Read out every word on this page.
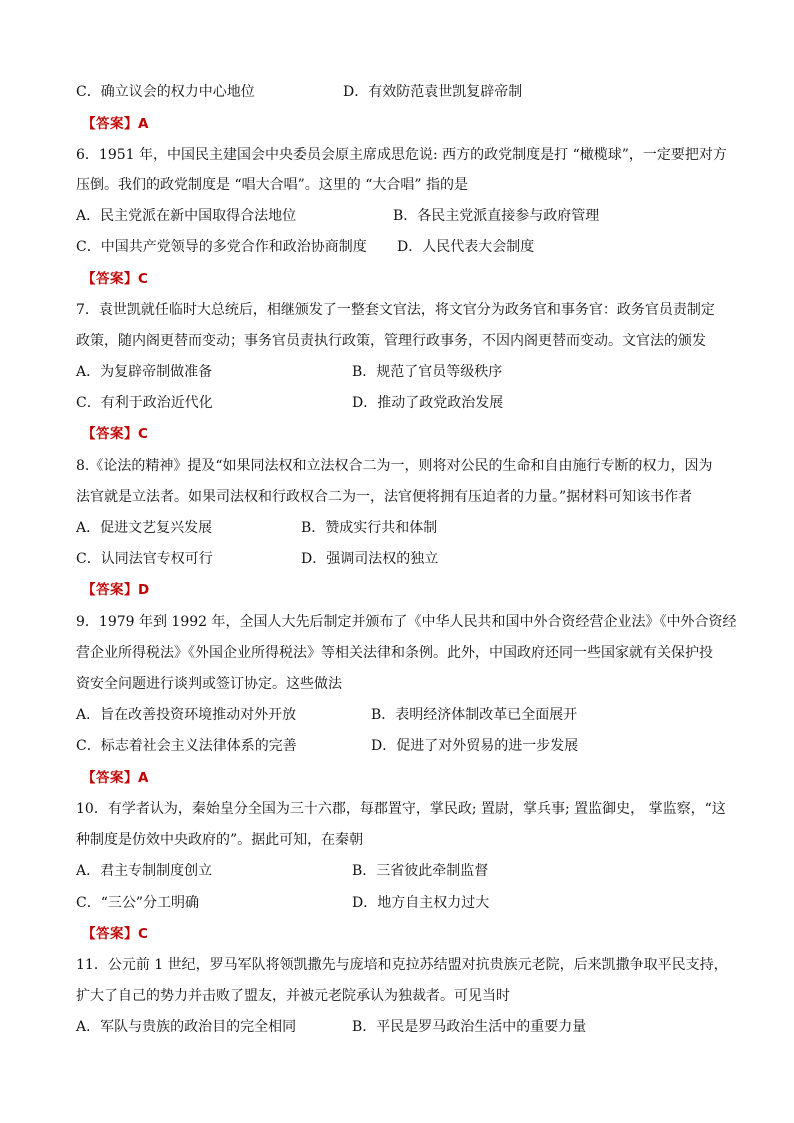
C．确立议会的权力中心地位	D．有效防范袁世凯复辟帝制
【答案】A
6．1951 年，中国民主建国会中央委员会原主席成思危说: 西方的政党制度是打 “橄榄球”，一定要把对方
压倒。我们的政党制度是 “唱大合唱”。这里的 “大合唱” 指的是
A．民主党派在新中国取得合法地位	B．各民主党派直接参与政府管理
C．中国共产党领导的多党合作和政治协商制度 D．人民代表大会制度
【答案】C
7．袁世凯就任临时大总统后，相继颁发了一整套文官法，将文官分为政务官和事务官：政务官员责制定
政策，随内阁更替而变动；事务官员责执行政策，管理行政事务，不因内阁更替而变动。文官法的颁发
A．为复辟帝制做准备	B．规范了官员等级秩序
C．有利于政治近代化	D．推动了政党政治发展
【答案】C
8.《论法的精神》提及“如果同法权和立法权合二为一，则将对公民的生命和自由施行专断的权力，因为
法官就是立法者。如果司法权和行政权合二为一，法官便将拥有压迫者的力量。”据材料可知该书作者
A．促进文艺复兴发展	B．赞成实行共和体制
C．认同法官专权可行	D．强调司法权的独立
【答案】D
9．1979 年到 1992 年，全国人大先后制定并颁布了《中华人民共和国中外合资经营企业法》《中外合资经
营企业所得税法》《外国企业所得税法》等相关法律和条例。此外，中国政府还同一些国家就有关保护投
资安全问题进行谈判或签订协定。这些做法
A．旨在改善投资环境推动对外开放	B．表明经济体制改革已全面展开
C．标志着社会主义法律体系的完善	D．促进了对外贸易的进一步发展
【答案】A
10．有学者认为，秦始皇分全国为三十六郡，每郡置守，掌民政; 置尉，掌兵事; 置监御史， 掌监察，“这
种制度是仿效中央政府的”。据此可知，在秦朝
A．君主专制制度创立	B．三省彼此牵制监督
C．“三公”分工明确	D．地方自主权力过大
【答案】C
11．公元前 1 世纪，罗马军队将领凯撒先与庞培和克拉苏结盟对抗贵族元老院，后来凯撒争取平民支持，
扩大了自己的势力并击败了盟友，并被元老院承认为独裁者。可见当时
A．军队与贵族的政治目的完全相同	B．平民是罗马政治生活中的重要力量
